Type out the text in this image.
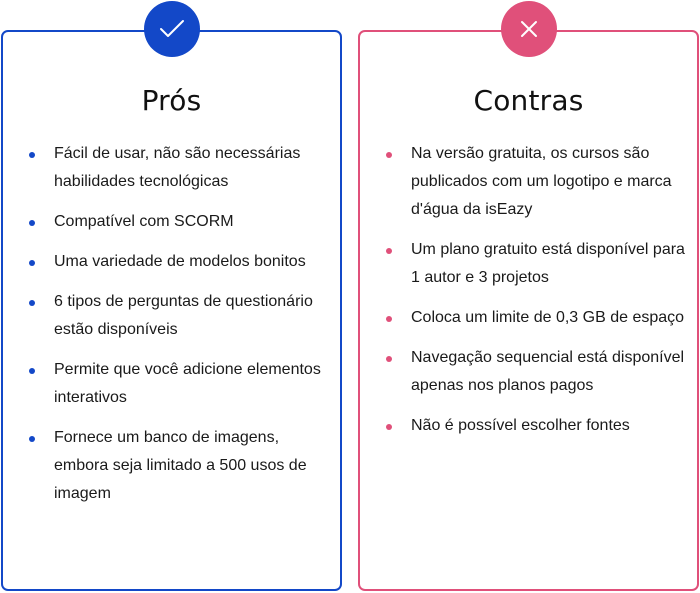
Prós
Fácil de usar, não são necessárias habilidades tecnológicas
Compatível com SCORM
Uma variedade de modelos bonitos
6 tipos de perguntas de questionário estão disponíveis
Permite que você adicione elementos interativos
Fornece um banco de imagens, embora seja limitado a 500 usos de imagem
Contras
Na versão gratuita, os cursos são publicados com um logotipo e marca d'água da isEazy
Um plano gratuito está disponível para 1 autor e 3 projetos
Coloca um limite de 0,3 GB de espaço
Navegação sequencial está disponível apenas nos planos pagos
Não é possível escolher fontes
